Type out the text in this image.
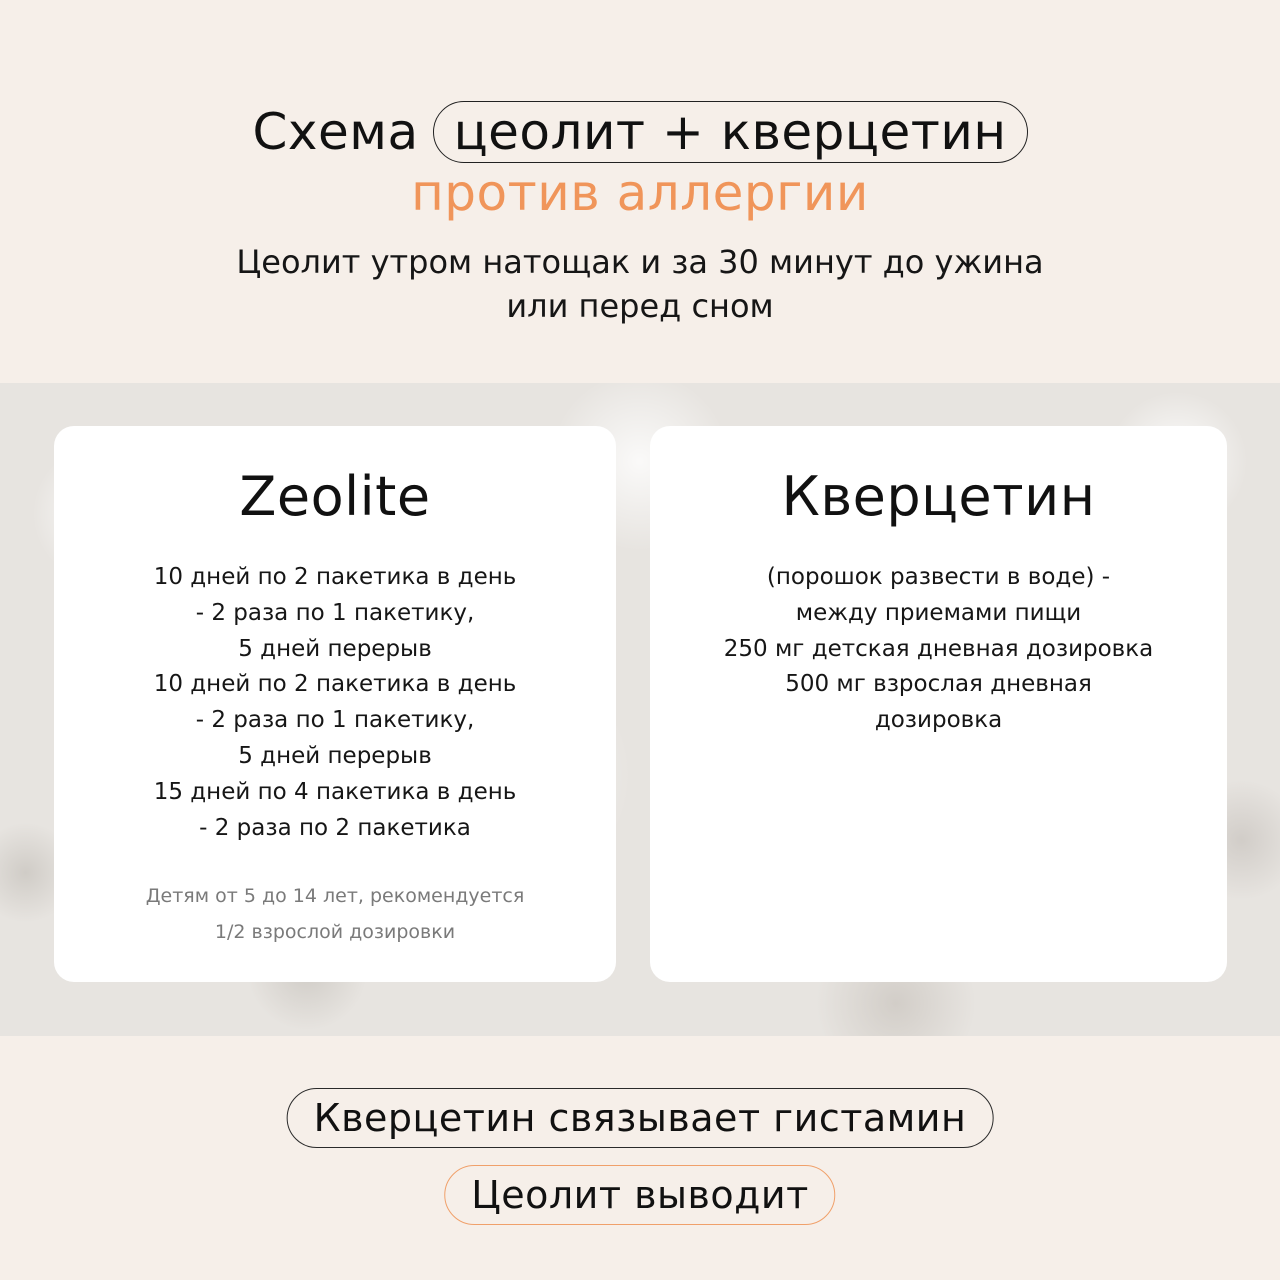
Схема цеолит + кверцетин
против аллергии
Цеолит утром натощак и за 30 минут до ужина
или перед сном
Zeolite
10 дней по 2 пакетика в день
- 2 раза по 1 пакетику,
5 дней перерыв
10 дней по 2 пакетика в день
- 2 раза по 1 пакетику,
5 дней перерыв
15 дней по 4 пакетика в день
- 2 раза по 2 пакетика
Детям от 5 до 14 лет, рекомендуется
1/2 взрослой дозировки
Кверцетин
(порошок развести в воде) -
между приемами пищи
250 мг детская дневная дозировка
500 мг взрослая дневная
дозировка
Кверцетин связывает гистамин
Цеолит выводит
